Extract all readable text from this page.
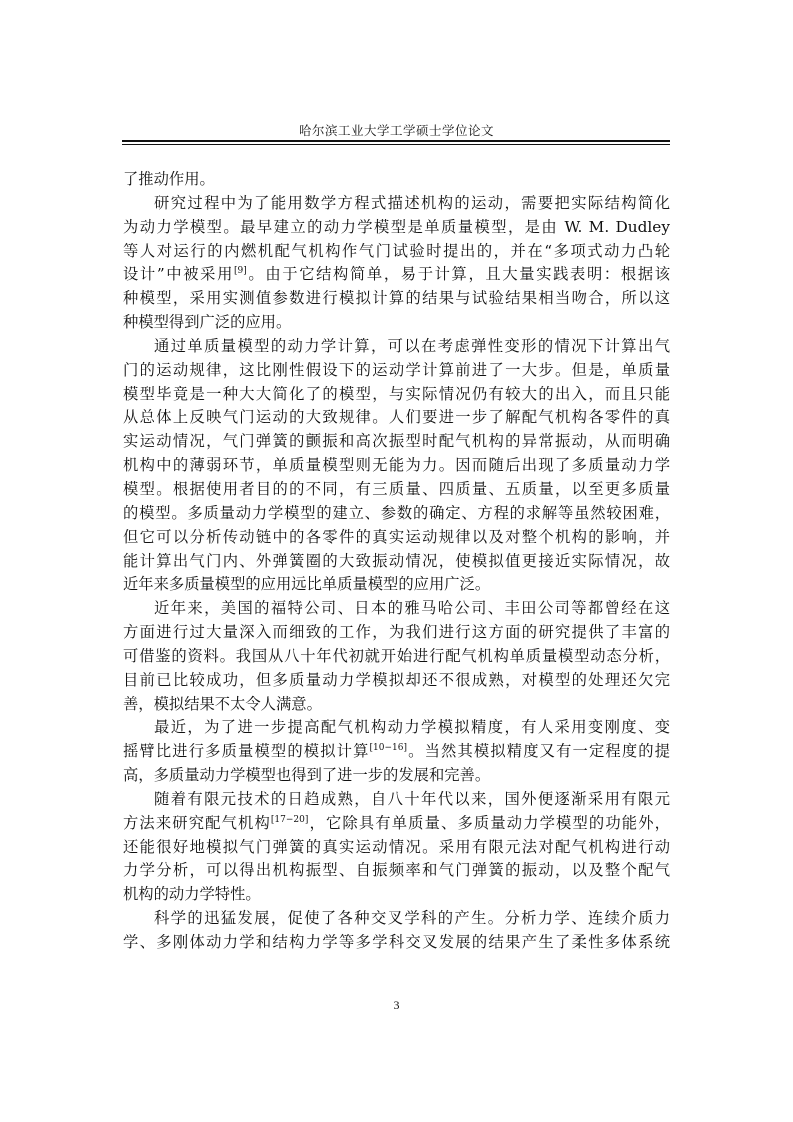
哈尔滨工业大学工学硕士学位论文
了推动作用。
研究过程中为了能用数学方程式描述机构的运动，需要把实际结构简化
为动力学模型。最早建立的动力学模型是单质量模型，是由 W. M. Dudley
等人对运行的内燃机配气机构作气门试验时提出的，并在“多项式动力凸轮
设计”中被采用[9]。由于它结构简单，易于计算，且大量实践表明：根据该
种模型，采用实测值参数进行模拟计算的结果与试验结果相当吻合，所以这
种模型得到广泛的应用。
通过单质量模型的动力学计算，可以在考虑弹性变形的情况下计算出气
门的运动规律，这比刚性假设下的运动学计算前进了一大步。但是，单质量
模型毕竟是一种大大简化了的模型，与实际情况仍有较大的出入，而且只能
从总体上反映气门运动的大致规律。人们要进一步了解配气机构各零件的真
实运动情况，气门弹簧的颤振和高次振型时配气机构的异常振动，从而明确
机构中的薄弱环节，单质量模型则无能为力。因而随后出现了多质量动力学
模型。根据使用者目的的不同，有三质量、四质量、五质量，以至更多质量
的模型。多质量动力学模型的建立、参数的确定、方程的求解等虽然较困难，
但它可以分析传动链中的各零件的真实运动规律以及对整个机构的影响，并
能计算出气门内、外弹簧圈的大致振动情况，使模拟值更接近实际情况，故
近年来多质量模型的应用远比单质量模型的应用广泛。
近年来，美国的福特公司、日本的雅马哈公司、丰田公司等都曾经在这
方面进行过大量深入而细致的工作，为我们进行这方面的研究提供了丰富的
可借鉴的资料。我国从八十年代初就开始进行配气机构单质量模型动态分析，
目前已比较成功，但多质量动力学模拟却还不很成熟，对模型的处理还欠完
善，模拟结果不太令人满意。
最近，为了进一步提高配气机构动力学模拟精度，有人采用变刚度、变
摇臂比进行多质量模型的模拟计算[10−16]。当然其模拟精度又有一定程度的提
高，多质量动力学模型也得到了进一步的发展和完善。
随着有限元技术的日趋成熟，自八十年代以来，国外便逐渐采用有限元
方法来研究配气机构[17−20]，它除具有单质量、多质量动力学模型的功能外，
还能很好地模拟气门弹簧的真实运动情况。采用有限元法对配气机构进行动
力学分析，可以得出机构振型、自振频率和气门弹簧的振动，以及整个配气
机构的动力学特性。
科学的迅猛发展，促使了各种交叉学科的产生。分析力学、连续介质力
学、多刚体动力学和结构力学等多学科交叉发展的结果产生了柔性多体系统
3
